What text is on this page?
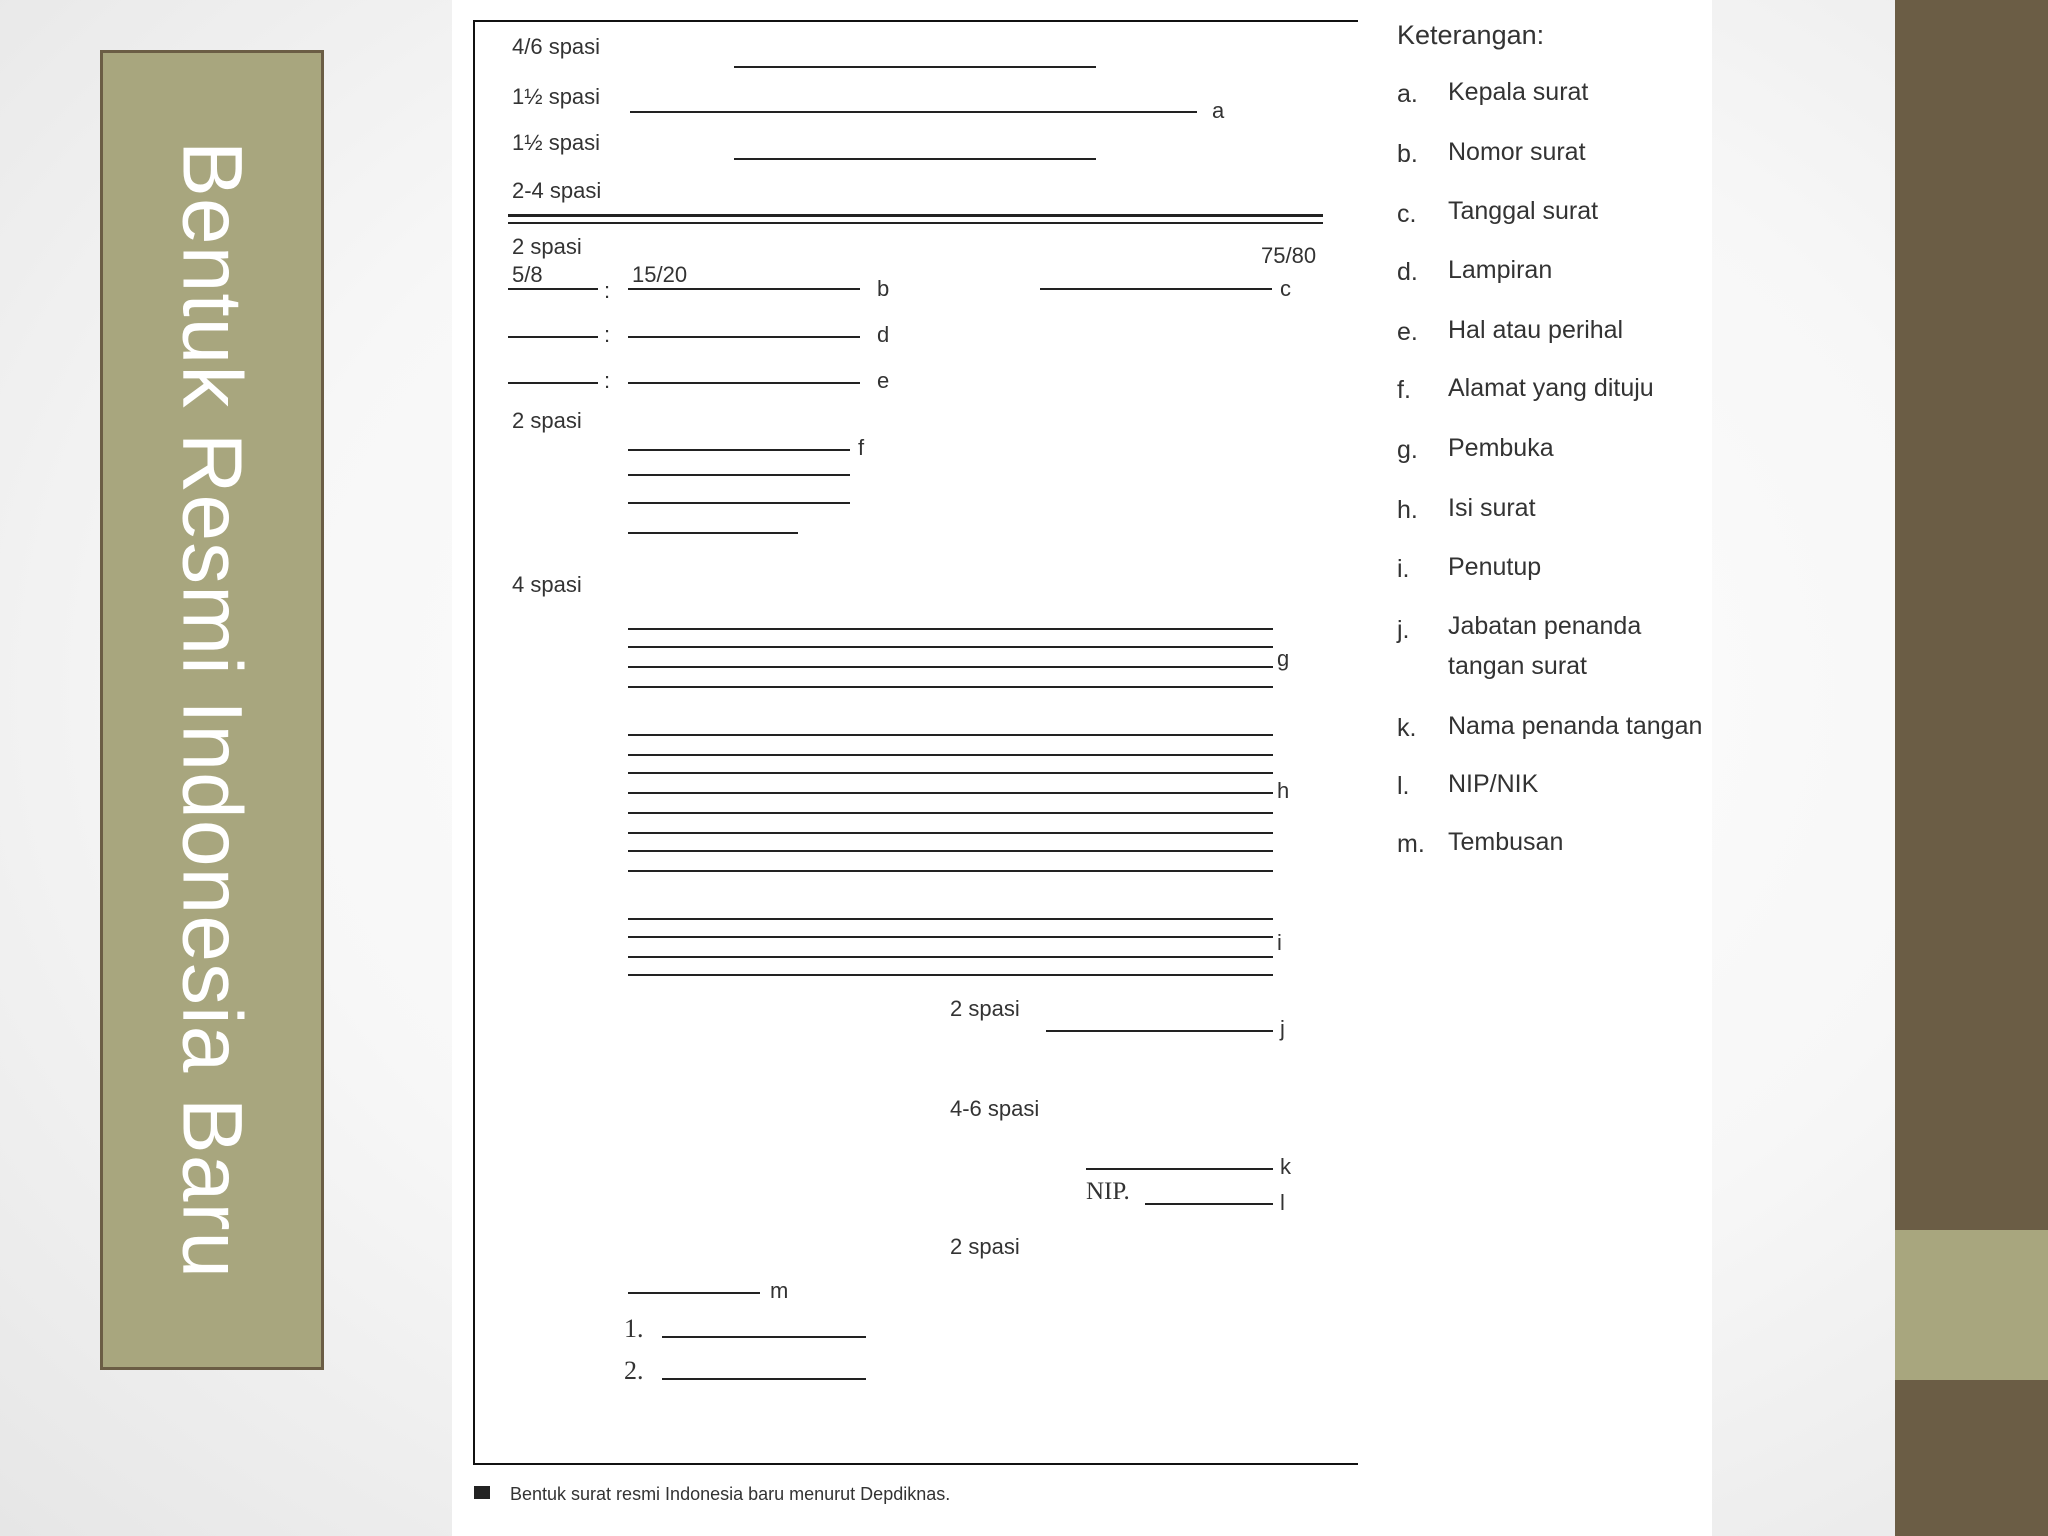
Bentuk Resmi Indonesia Baru
4/6 spasi
1½ spasi
a
1½ spasi
2-4 spasi
2 spasi	75/80
5/8
:
15/20
b	c
:	d
:	e
2 spasi
f
4 spasi
g
h
i
2 spasi
j
4-6 spasi
k
NIP.	l
2 spasi
m
1.
2.
Bentuk surat resmi Indonesia baru menurut Depdiknas.
Keterangan:
a. Kepala surat
b. Nomor surat
c. Tanggal surat
d. Lampiran
e. Hal atau perihal
f. Alamat yang dituju
g. Pembuka
h. Isi surat
i. Penutup
j. Jabatan penanda
tangan surat
k. Nama penanda tangan
l. NIP/NIK
m. Tembusan
